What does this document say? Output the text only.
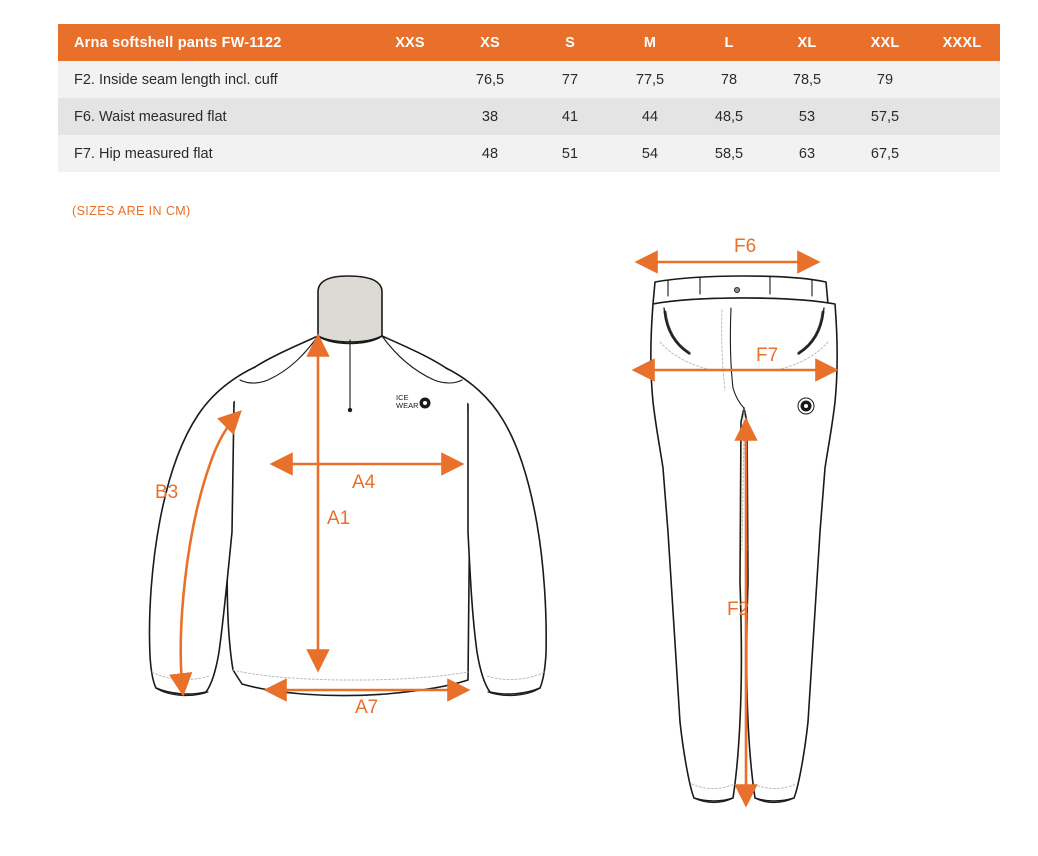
Arna softshell pants FW-1122	XXS	XS	S	M	L	XL	XXL	XXXL
F2. Inside seam length incl. cuff		76,5	77	77,5	78	78,5	79	
F6. Waist measured flat		38	41	44	48,5	53	57,5	
F7. Hip measured flat		48	51	54	58,5	63	67,5	
(SIZES ARE IN CM)
ICE
WEAR
B3	A4
A1
A7
F6
F7
F2
